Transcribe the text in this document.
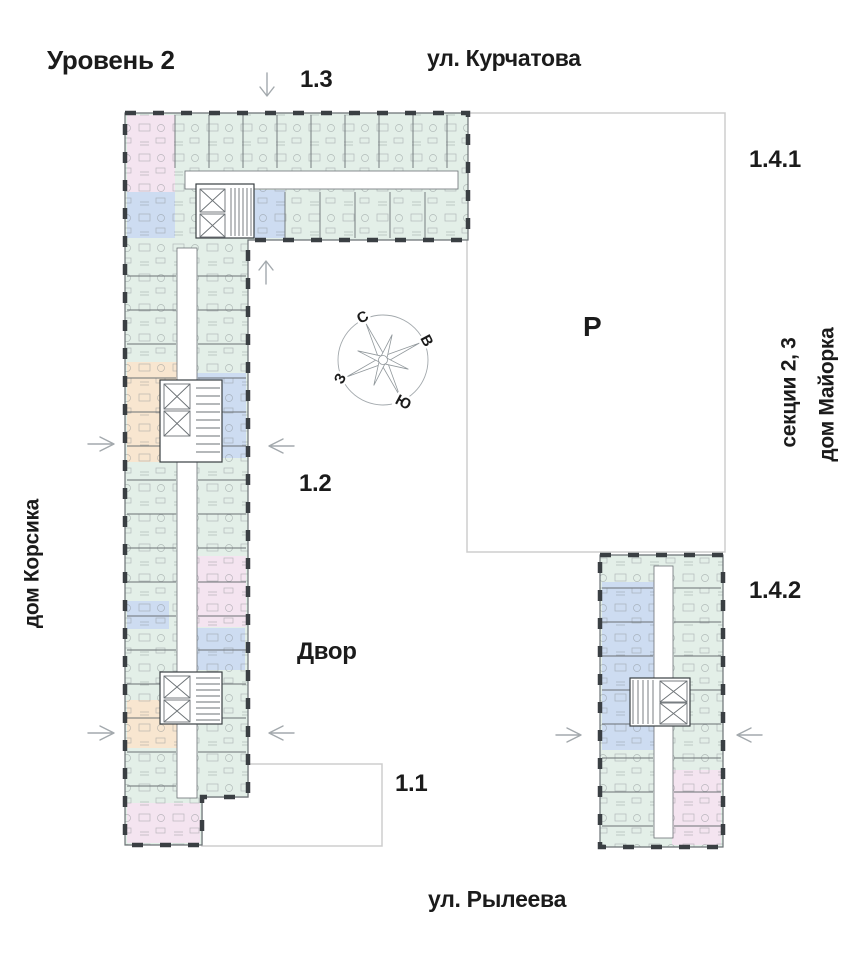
С
В
Ю
З
Уровень 2	ул. Курчатова
ул. Рылеева
1.3
1.4.1
1.2
1.4.2
1.1
Р
Двор
дом Корсика
секции 2, 3 дом Майорка
